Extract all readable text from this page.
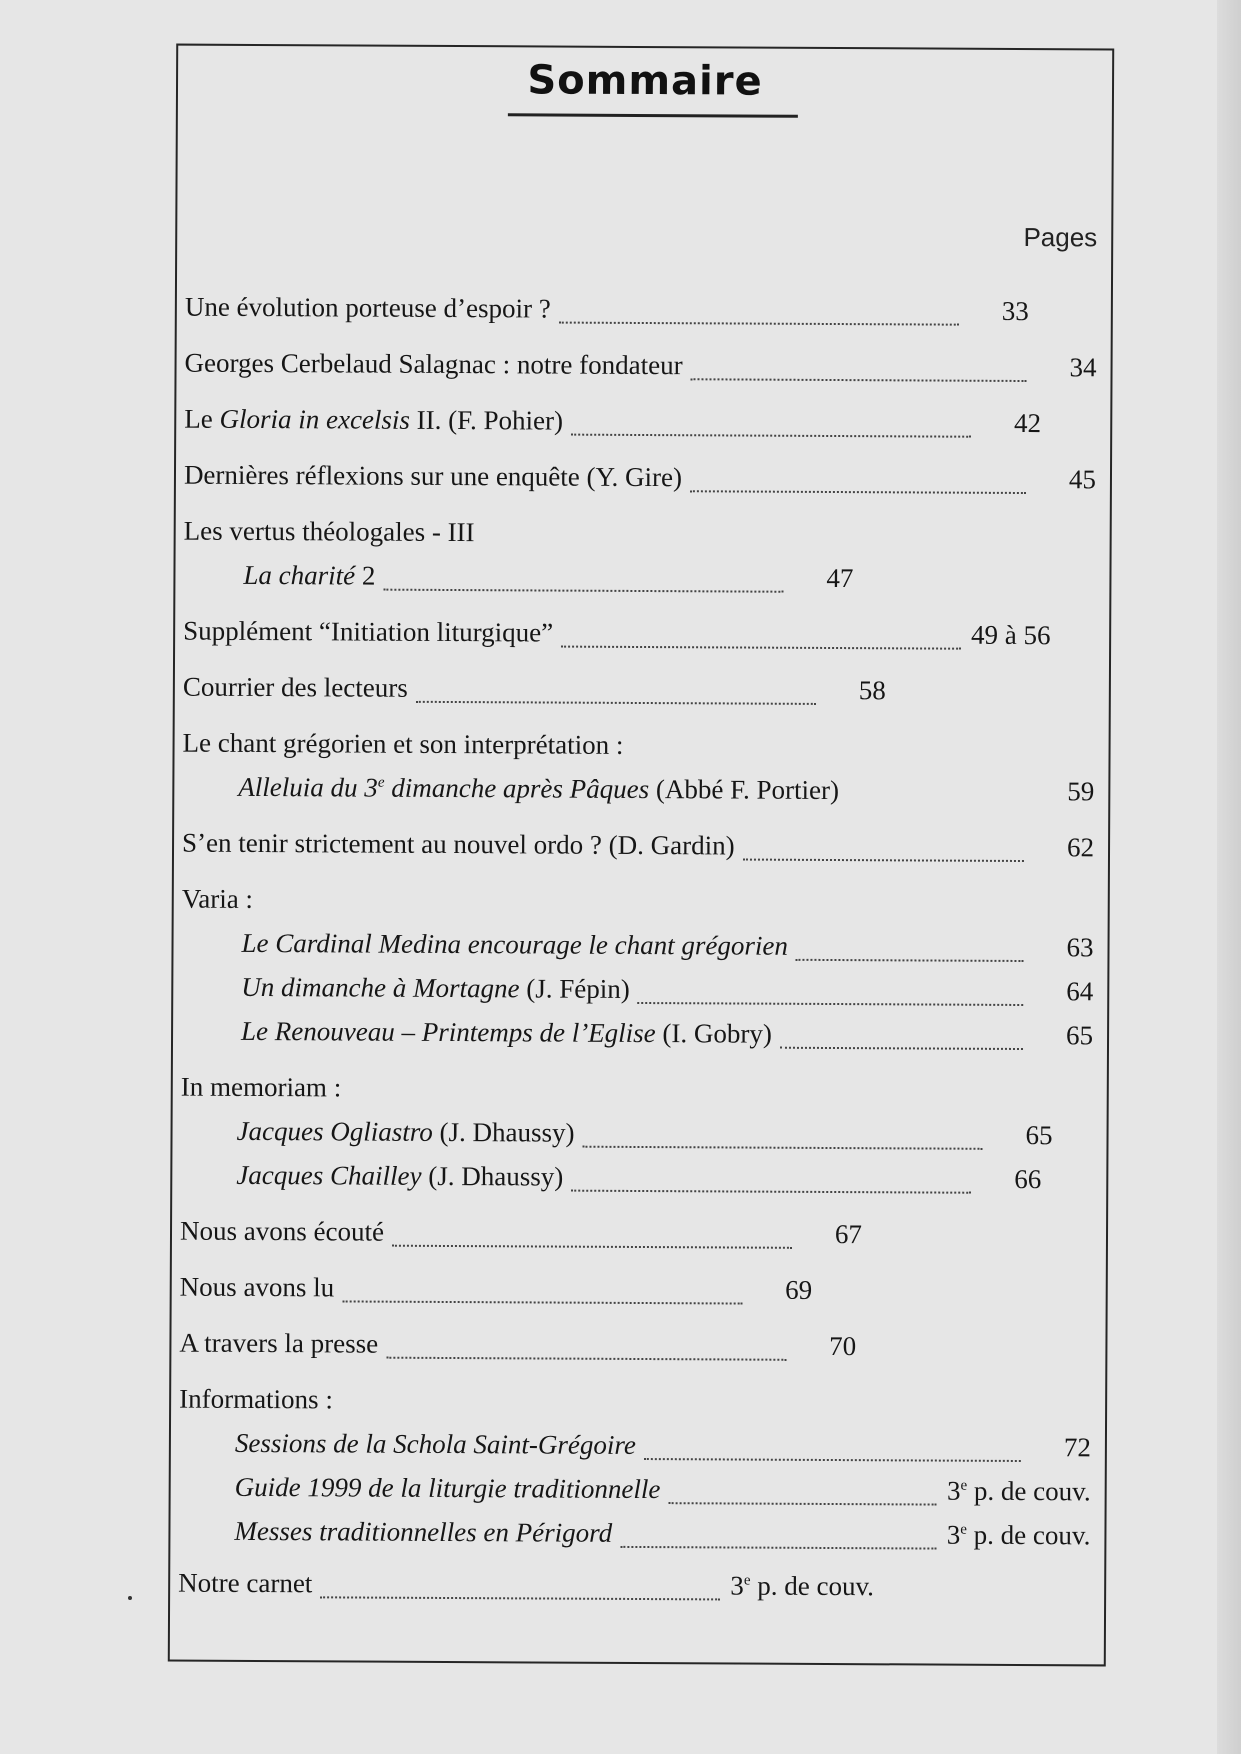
Sommaire
Pages
Une évolution porteuse d’espoir ?	33
Georges Cerbelaud Salagnac : notre fondateur	34
Le Gloria in excelsis II. (F. Pohier)	42
Dernières réflexions sur une enquête (Y. Gire)	45
Les vertus théologales - III
La charité 2	47
Supplément “Initiation liturgique”	49 à 56
Courrier des lecteurs	58
Le chant grégorien et son interprétation :
Alleluia du 3e dimanche après Pâques (Abbé F. Portier)	59
S’en tenir strictement au nouvel ordo ? (D. Gardin)	62
Varia :
Le Cardinal Medina encourage le chant grégorien	63
Un dimanche à Mortagne (J. Fépin)	64
Le Renouveau – Printemps de l’Eglise (I. Gobry)	65
In memoriam :
Jacques Ogliastro (J. Dhaussy)	65
Jacques Chailley (J. Dhaussy)	66
Nous avons écouté	67
Nous avons lu	69
A travers la presse	70
Informations :
Sessions de la Schola Saint-Grégoire	72
Guide 1999 de la liturgie traditionnelle	3e p. de couv.
Messes traditionnelles en Périgord	3e p. de couv.
Notre carnet	3e p. de couv.
